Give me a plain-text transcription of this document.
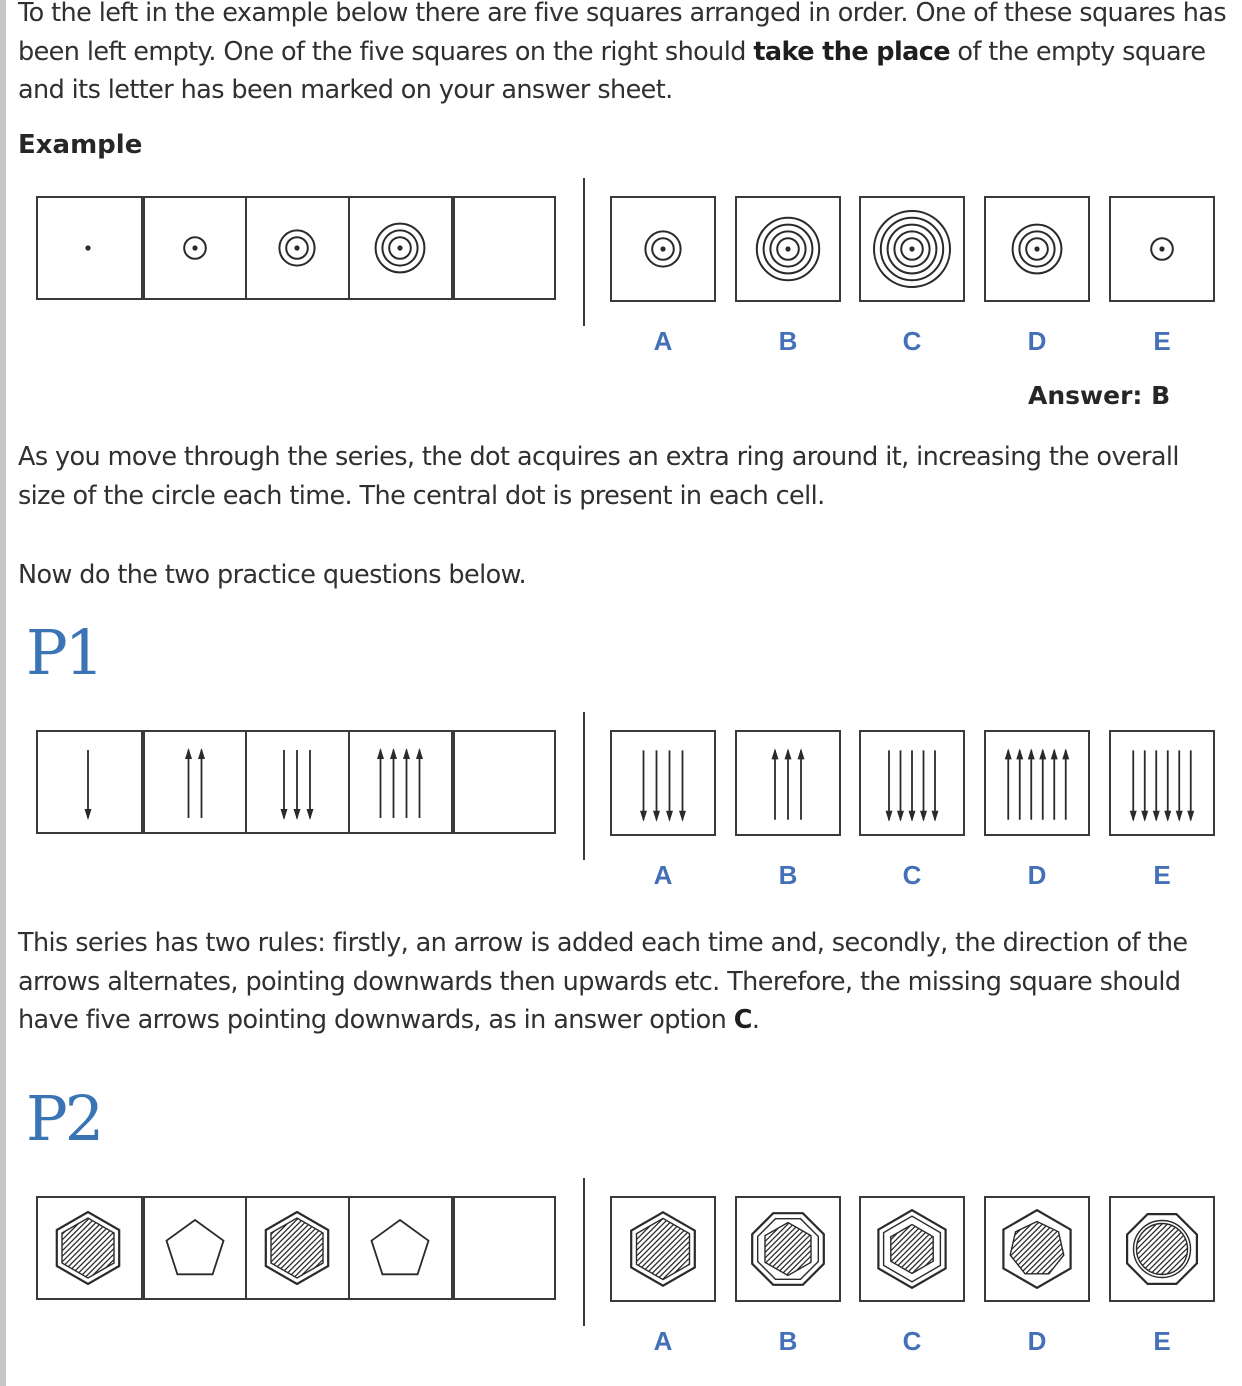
To the left in the example below there are five squares arranged in order. One of these squares has been left empty. One of the five squares on the right should take the place of the empty square and its letter has been marked on your answer sheet.

Example
A	B	C	D	E
Answer: B

As you move through the series, the dot acquires an extra ring around it, increasing the overall size of the circle each time. The central dot is present in each cell.

Now do the two practice questions below.

P1
A	B	C	D	E

This series has two rules: firstly, an arrow is added each time and, secondly, the direction of the arrows alternates, pointing downwards then upwards etc. Therefore, the missing square should have five arrows pointing downwards, as in answer option C.

P2
A	B	C	D	E
